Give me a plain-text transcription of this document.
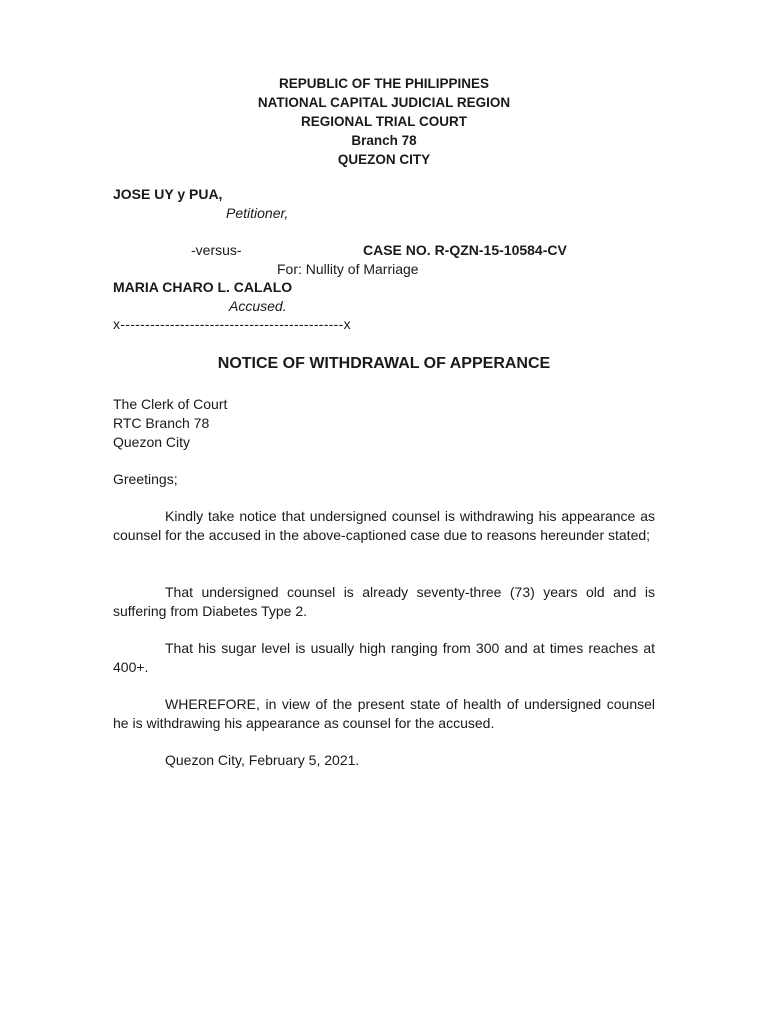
REPUBLIC OF THE PHILIPPINES
NATIONAL CAPITAL JUDICIAL REGION
REGIONAL TRIAL COURT
Branch 78
QUEZON CITY
JOSE UY y PUA,
Petitioner,
-versus-	CASE NO. R-QZN-15-10584-CV
For: Nullity of Marriage
MARIA CHARO L. CALALO
Accused.
x---------------------------------------------x
NOTICE OF WITHDRAWAL OF APPERANCE
The Clerk of Court
RTC Branch 78
Quezon City
Greetings;
Kindly take notice that undersigned counsel is withdrawing his appearance as counsel for the accused in the above-captioned case due to reasons hereunder stated;
That undersigned counsel is already seventy-three (73) years old and is suffering from Diabetes Type 2.
That his sugar level is usually high ranging from 300 and at times reaches at 400+.
WHEREFORE, in view of the present state of health of undersigned counsel he is withdrawing his appearance as counsel for the accused.
Quezon City, February 5, 2021.
